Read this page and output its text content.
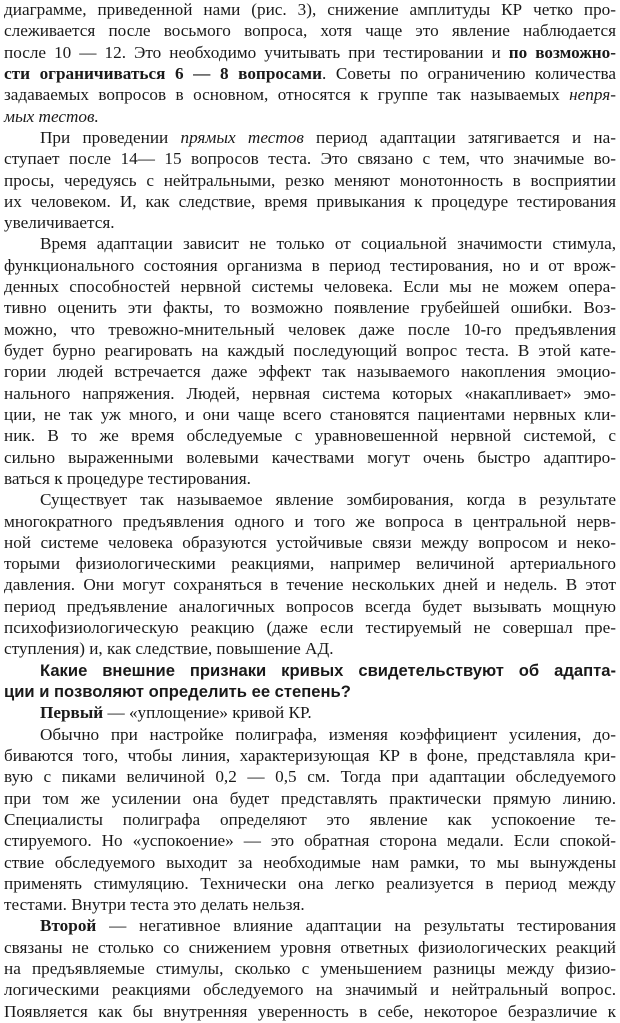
диаграмме, приведенной нами (рис. 3), снижение амплитуды КР четко про-
слеживается после восьмого вопроса, хотя чаще это явление наблюдается
после 10 — 12. Это необходимо учитывать при тестировании и по возможно-
сти ограничиваться 6 — 8 вопросами. Советы по ограничению количества
задаваемых вопросов в основном, относятся к группе так называемых непря-
мых тестов.
При проведении прямых тестов период адаптации затягивается и на-
ступает после 14— 15 вопросов теста. Это связано с тем, что значимые во-
просы, чередуясь с нейтральными, резко меняют монотонность в восприятии
их человеком. И, как следствие, время привыкания к процедуре тестирования
увеличивается.
Время адаптации зависит не только от социальной значимости стимула,
функционального состояния организма в период тестирования, но и от врож-
денных способностей нервной системы человека. Если мы не можем опера-
тивно оценить эти факты, то возможно появление грубейшей ошибки. Воз-
можно, что тревожно-мнительный человек даже после 10-го предъявления
будет бурно реагировать на каждый последующий вопрос теста. В этой кате-
гории людей встречается даже эффект так называемого накопления эмоцио-
нального напряжения. Людей, нервная система которых «накапливает» эмо-
ции, не так уж много, и они чаще всего становятся пациентами нервных кли-
ник. В то же время обследуемые с уравновешенной нервной системой, с
сильно выраженными волевыми качествами могут очень быстро адаптиро-
ваться к процедуре тестирования.
Существует так называемое явление зомбирования, когда в результате
многократного предъявления одного и того же вопроса в центральной нерв-
ной системе человека образуются устойчивые связи между вопросом и некo-
торыми физиологическими реакциями, например величиной артериального
давления. Они могут сохраняться в течение нескольких дней и недель. В этот
период предъявление аналогичных вопросов всегда будет вызывать мощную
психофизиологическую реакцию (даже если тестируемый не совершал пре-
ступления) и, как следствие, повышение АД.
Какие внешние признаки кривых свидетельствуют об адапта-
ции и позволяют определить ее степень?
Первый — «уплощение» кривой КР.
Обычно при настройке полиграфа, изменяя коэффициент усиления, до-
биваются того, чтобы линия, характеризующая КР в фоне, представляла кри-
вую с пиками величиной 0,2 — 0,5 см. Тогда при адаптации обследуемого
при том же усилении она будет представлять практически прямую линию.
Специалисты полиграфа определяют это явление как успокоение те-
стируемого. Но «успокоение» — это обратная сторона медали. Если спокой-
ствие обследуемого выходит за необходимые нам рамки, то мы вынуждены
применять стимуляцию. Технически она легко реализуется в период между
тестами. Внутри теста это делать нельзя.
Второй — негативное влияние адаптации на результаты тестирования
связаны не столько со снижением уровня ответных физиологических реакций
на предъявляемые стимулы, сколько с уменьшением разницы между физио-
логическими реакциями обследуемого на значимый и нейтральный вопрос.
Появляется как бы внутренняя уверенность в себе, некоторое безразличие к
